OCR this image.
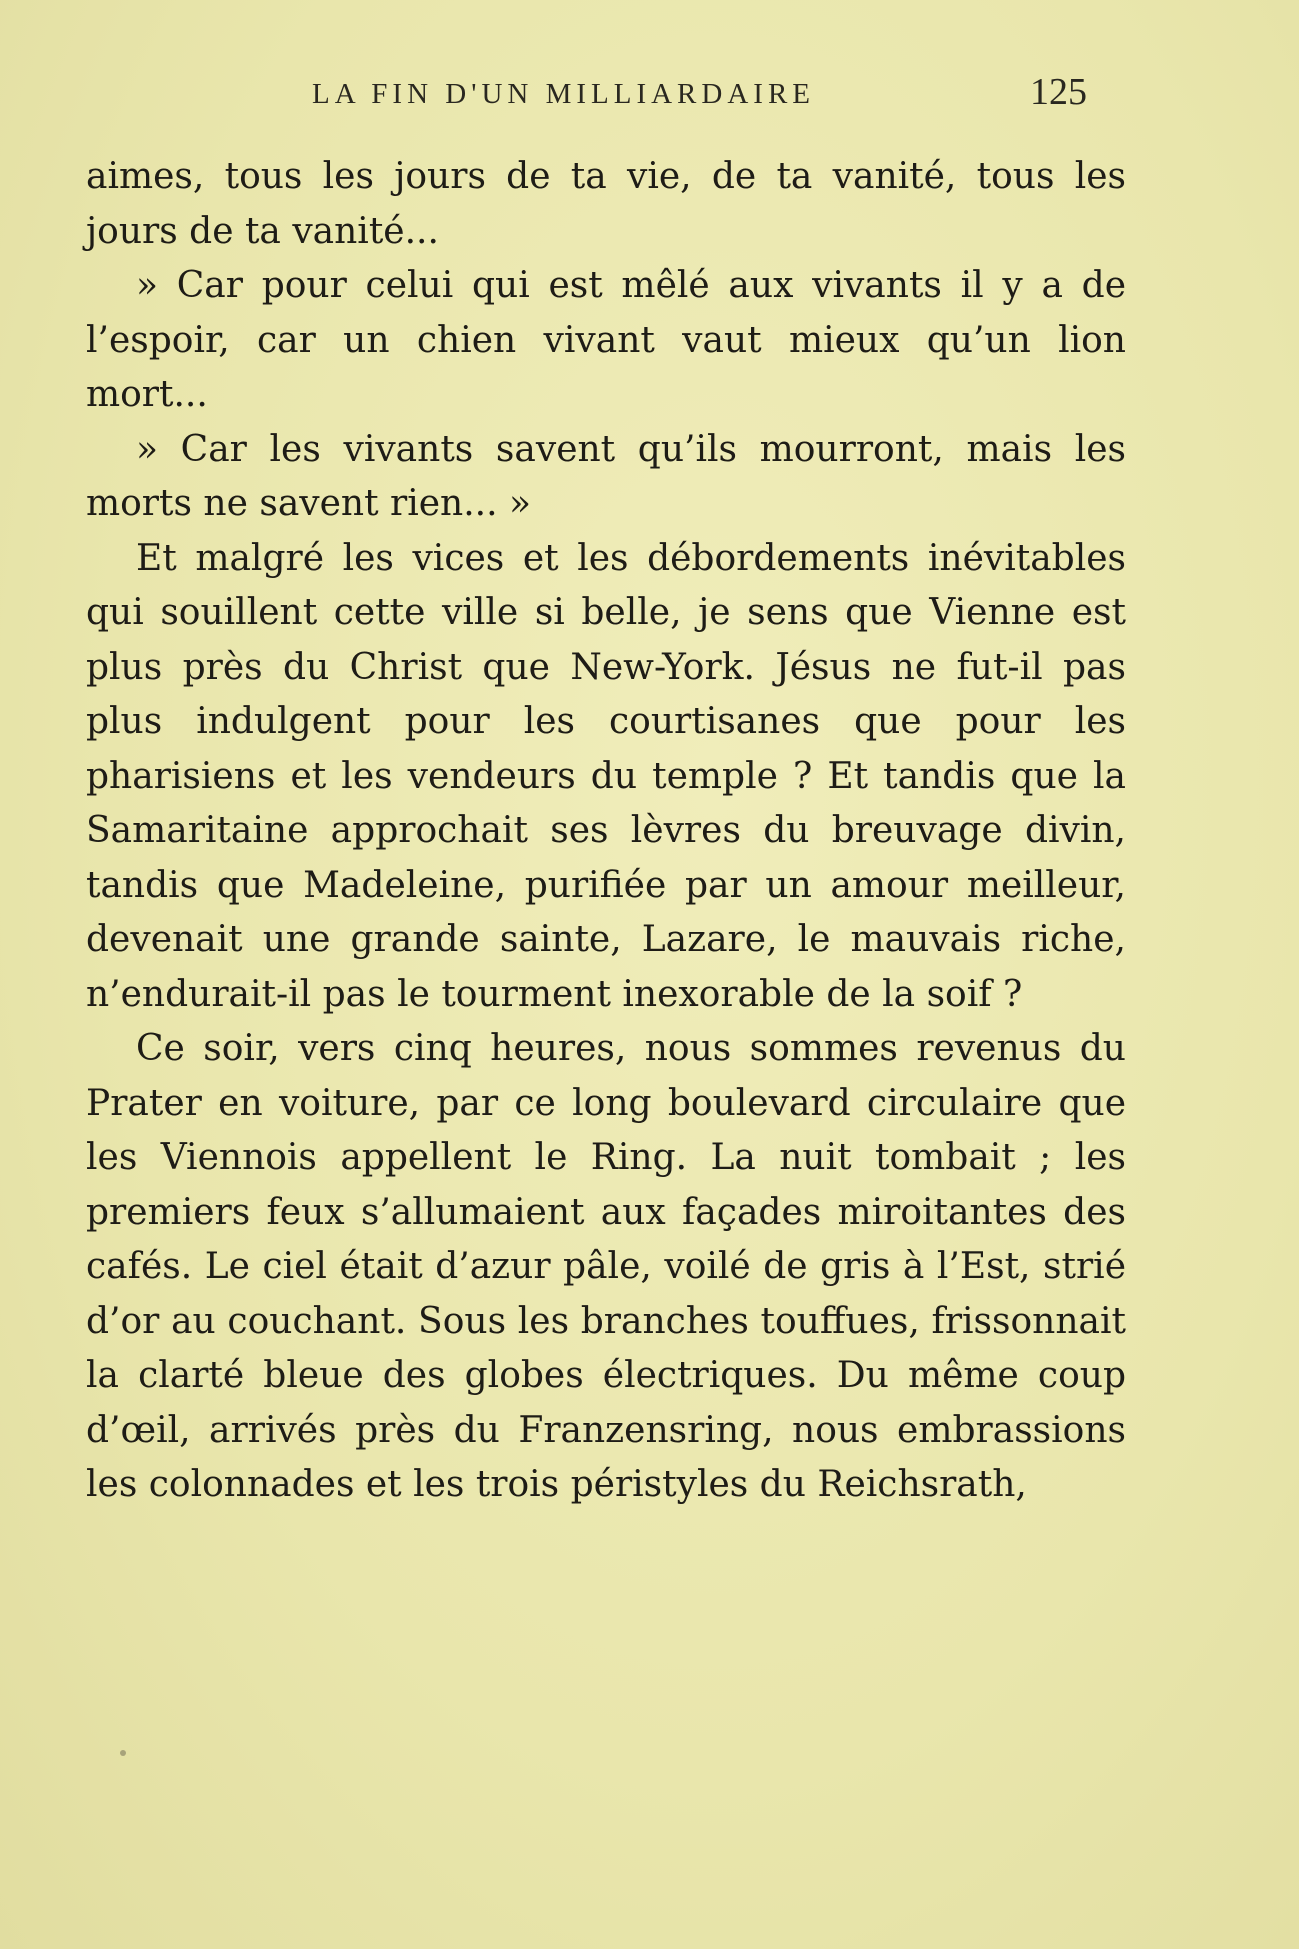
LA FIN D'UN MILLIARDAIRE	125

aimes, tous les jours de ta vie, de ta vanité, tous les jours de ta vanité...

» Car pour celui qui est mêlé aux vivants il y a de l’espoir, car un chien vivant vaut mieux qu’un lion mort...

» Car les vivants savent qu’ils mourront, mais les morts ne savent rien... »

Et malgré les vices et les débordements inévitables qui souillent cette ville si belle, je sens que Vienne est plus près du Christ que New-York. Jésus ne fut-il pas plus indulgent pour les courtisanes que pour les pharisiens et les vendeurs du temple ? Et tandis que la Samaritaine approchait ses lèvres du breuvage divin, tandis que Madeleine, purifiée par un amour meilleur, devenait une grande sainte, Lazare, le mauvais riche, n’endurait-il pas le tourment inexorable de la soif ?

Ce soir, vers cinq heures, nous sommes revenus du Prater en voiture, par ce long boulevard circulaire que les Viennois appellent le Ring. La nuit tombait ; les premiers feux s’allumaient aux façades miroitantes des cafés. Le ciel était d’azur pâle, voilé de gris à l’Est, strié d’or au couchant. Sous les branches touffues, frissonnait la clarté bleue des globes électriques. Du même coup d’œil, arrivés près du Franzensring, nous embrassions les colonnades et les trois péristyles du Reichsrath,
